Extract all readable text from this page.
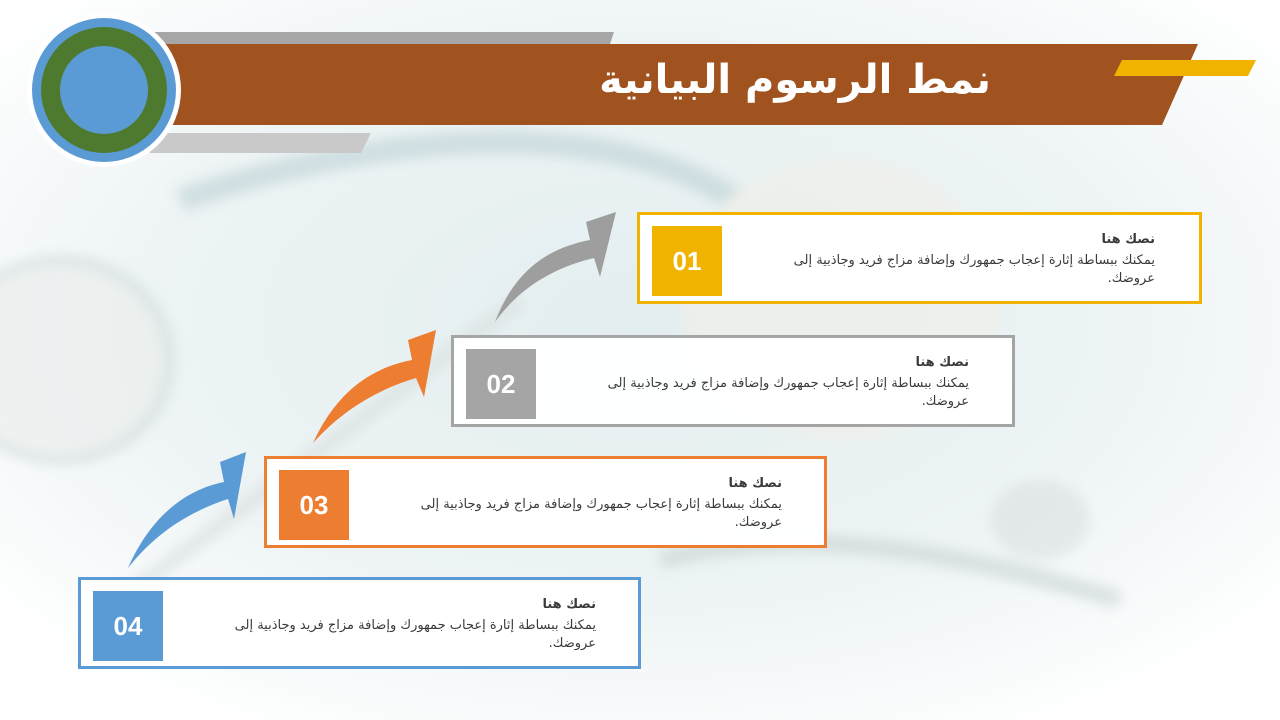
نمط الرسوم البيانية
01
نصك هنا
يمكنك ببساطة إثارة إعجاب جمهورك وإضافة مزاج فريد وجاذبية إلى عروضك.
02
نصك هنا
يمكنك ببساطة إثارة إعجاب جمهورك وإضافة مزاج فريد وجاذبية إلى عروضك.
03
نصك هنا
يمكنك ببساطة إثارة إعجاب جمهورك وإضافة مزاج فريد وجاذبية إلى عروضك.
04
نصك هنا
يمكنك ببساطة إثارة إعجاب جمهورك وإضافة مزاج فريد وجاذبية إلى عروضك.
